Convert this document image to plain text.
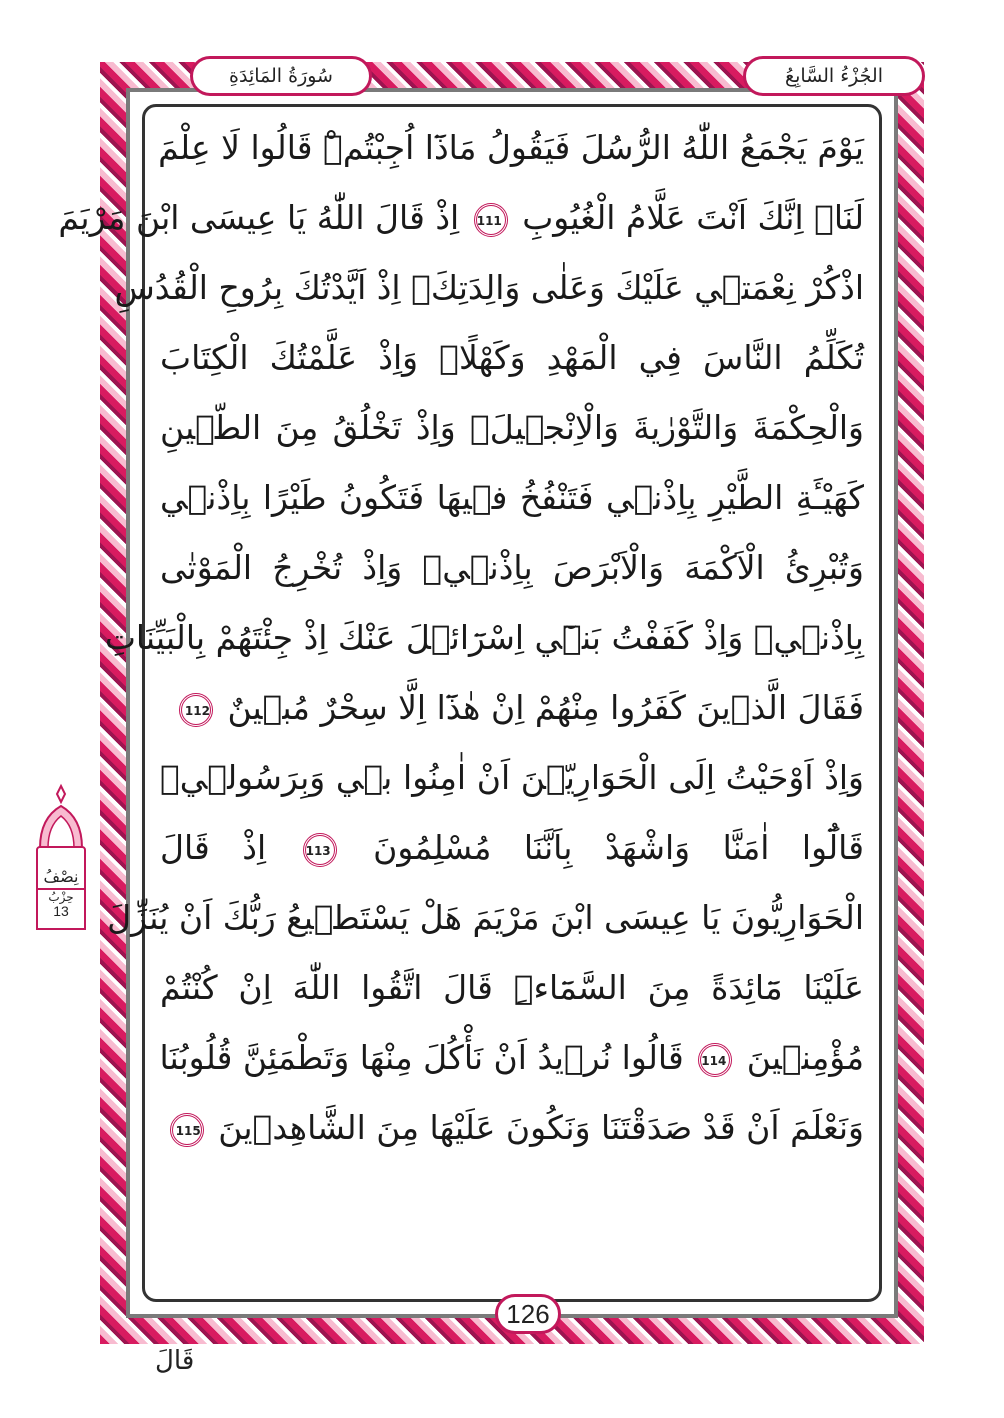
سُورَةُ المَائِدَةِ	الجُزْءُ السَّابِعُ
يَوْمَ يَجْمَعُ اللّٰهُ الرُّسُلَ فَيَقُولُ مَاذَٓا اُجِبْتُمْۜ قَالُوا لَا عِلْمَ
لَنَاۜ اِنَّكَ اَنْتَ عَلَّامُ الْغُيُوبِ 111 اِذْ قَالَ اللّٰهُ يَا عِيسَى ابْنَ مَرْيَمَ
اذْكُرْ نِعْمَت۪ي عَلَيْكَ وَعَلٰى وَالِدَتِكَۢ اِذْ اَيَّدْتُكَ بِرُوحِ الْقُدُسِ
تُكَلِّمُ النَّاسَ فِي الْمَهْدِ وَكَهْلًاۚ وَاِذْ عَلَّمْتُكَ الْكِتَابَ
وَالْحِكْمَةَ وَالتَّوْرٰيةَ وَالْاِنْج۪يلَۚ وَاِذْ تَخْلُقُ مِنَ الطّ۪ينِ
كَهَيْـَٔةِ الطَّيْرِ بِاِذْن۪ي فَتَنْفُخُ ف۪يهَا فَتَكُونُ طَيْرًا بِاِذْن۪ي
وَتُبْرِئُ الْاَكْمَهَ وَالْاَبْرَصَ بِاِذْن۪يۚ وَاِذْ تُخْرِجُ الْمَوْتٰى
بِاِذْن۪يۚ وَاِذْ كَفَفْتُ بَن۪ٓي اِسْرَٓائ۪لَ عَنْكَ اِذْ جِئْتَهُمْ بِالْبَيِّنَاتِ
فَقَالَ الَّذ۪ينَ كَفَرُوا مِنْهُمْ اِنْ هٰذَٓا اِلَّا سِحْرٌ مُب۪ينٌ 112
وَاِذْ اَوْحَيْتُ اِلَى الْحَوَارِيّ۪نَ اَنْ اٰمِنُوا ب۪ي وَبِرَسُول۪يۚ
قَالُٓوا اٰمَنَّا وَاشْهَدْ بِاَنَّنَا مُسْلِمُونَ 113 اِذْ قَالَ
الْحَوَارِيُّونَ يَا عِيسَى ابْنَ مَرْيَمَ هَلْ يَسْتَط۪يعُ رَبُّكَ اَنْ يُنَزِّلَ
عَلَيْنَا مَٓائِدَةً مِنَ السَّمَٓاءِۜ قَالَ اتَّقُوا اللّٰهَ اِنْ كُنْتُمْ
مُؤْمِن۪ينَ 114 قَالُوا نُر۪يدُ اَنْ نَأْكُلَ مِنْهَا وَتَطْمَئِنَّ قُلُوبُنَا
وَنَعْلَمَ اَنْ قَدْ صَدَقْتَنَا وَنَكُونَ عَلَيْهَا مِنَ الشَّاهِد۪ينَ 115
126
نِصْفُ
حِزْبُ
13
قَالَ
